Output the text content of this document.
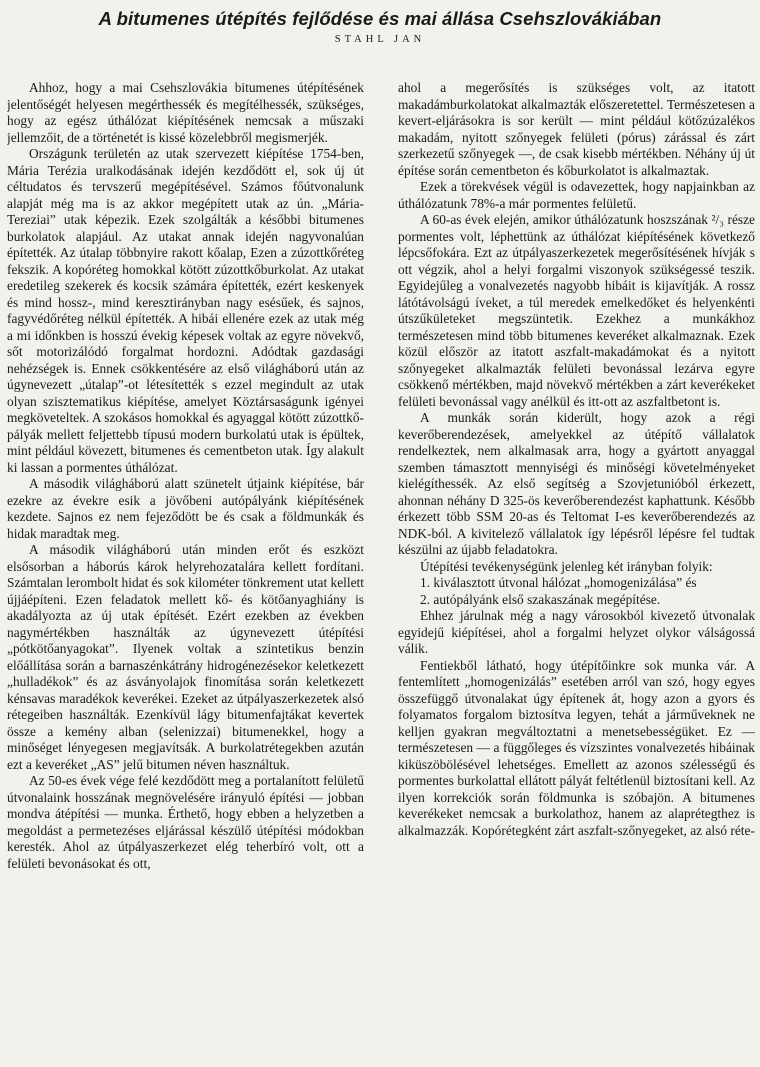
A bitumenes útépítés fejlődése és mai állása Csehszlovákiában
STAHL JAN

Ahhoz, hogy a mai Csehszlovákia bitumenes útépítésének jelentőségét helyesen megérthessék és megítélhessék, szükséges, hogy az egész úthálózat kiépítésének nemcsak a műszaki jellemzőit, de a történetét is kissé közelebbről megismerjék.

Országunk területén az utak szervezett kiépítése 1754-ben, Mária Terézia uralkodásának idején kezdődött el, sok új út céltudatos és tervszerű megépítésével. Számos főútvonalunk alapját még ma is az akkor megépített utak az ún. „Mária-Tereziai” utak képezik. Ezek szolgálták a későbbi bitumenes burkolatok alapjául. Az utakat annak idején nagyvonalúan építették. Az útalap többnyire rakott kőalap, Ezen a zúzottkőréteg fekszik. A kopóréteg homokkal kötött zúzottkőburkolat. Az utakat eredetileg szekerek és kocsik számára építették, ezért keskenyek és mind hossz-, mind keresztirányban nagy esésűek, és sajnos, fagyvédőréteg nélkül építették. A hibái ellenére ezek az utak még a mi időnkben is hosszú évekig képesek voltak az egyre növekvő, sőt motorizálódó forgalmat hordozni. Adódtak gazdasági nehézségek is. Ennek csökkentésére az első világháború után az úgynevezett „útalap”-ot létesítették s ezzel megindult az utak olyan szisztematikus kiépítése, amelyet Köztársaságunk igényei megköveteltek. A szokásos homokkal és agyaggal kötött zúzottkő-pályák mellett feljettebb típusú modern burkolatú utak is épültek, mint például kövezett, bitumenes és cementbeton utak. Így alakult ki lassan a pormentes úthálózat.

A második világháború alatt szünetelt útjaink kiépítése, bár ezekre az évekre esik a jövőbeni autópályánk kiépítésének kezdete. Sajnos ez nem fejeződött be és csak a földmunkák és hidak maradtak meg.

A második világháború után minden erőt és eszközt elsősorban a háborús károk helyrehozatalára kellett fordítani. Számtalan lerombolt hidat és sok kilométer tönkrement utat kellett újjáépíteni. Ezen feladatok mellett kő- és kötőanyaghiány is akadályozta az új utak építését. Ezért ezekben az években nagymértékben használták az úgynevezett útépítési „pótkötőanyagokat”. Ilyenek voltak a szintetikus benzin előállítása során a barnaszénkátrány hidrogénezésekor keletkezett „hulladékok” és az ásványolajok finomítása során keletkezett kénsavas maradékok keverékei. Ezeket az útpályaszerkezetek alsó rétegeiben használták. Ezenkívül lágy bitumenfajtákat kevertek össze a kemény alban (selenizzai) bitumenekkel, hogy a minőséget lényegesen megjavítsák. A burkolatrétegekben azután ezt a keveréket „AS” jelű bitumen néven használtuk.

Az 50-es évek vége felé kezdődött meg a portalanított felületű útvonalaink hosszának megnövelésére irányuló építési — jobban mondva átépítési — munka. Érthető, hogy ebben a helyzetben a megoldást a permetezéses eljárással készülő útépítési módokban keresték. Ahol az útpályaszerkezet elég teherbíró volt, ott a felületi bevonásokat és ott,

ahol a megerősítés is szükséges volt, az itatott makadámburkolatokat alkalmazták előszeretettel. Természetesen a kevert-eljárásokra is sor került — mint például kötőzúzalékos makadám, nyitott szőnyegek felületi (pórus) zárással és zárt szerkezetű szőnyegek —, de csak kisebb mértékben. Néhány új út építése során cementbeton és kőburkolatot is alkalmaztak.

Ezek a törekvések végül is odavezettek, hogy napjainkban az úthálózatunk 78%-a már pormentes felületű.

A 60-as évek elején, amikor úthálózatunk hoszszának ²/₃ része pormentes volt, léphettünk az úthálózat kiépítésének következő lépcsőfokára. Ezt az útpályaszerkezetek megerősítésének hívják s ott végzik, ahol a helyi forgalmi viszonyok szükségessé teszik. Egyidejűleg a vonalvezetés nagyobb hibáit is kijavítják. A rossz látótávolságú íveket, a túl meredek emelkedőket és helyenkénti útszűkületeket megszüntetik. Ezekhez a munkákhoz természetesen mind több bitumenes keveréket alkalmaznak. Ezek közül először az itatott aszfalt-makadámokat és a nyitott szőnyegeket alkalmazták felületi bevonással lezárva egyre csökkenő mértékben, majd növekvő mértékben a zárt keverékeket felületi bevonással vagy anélkül és itt-ott az aszfaltbetont is.

A munkák során kiderült, hogy azok a régi keverőberendezések, amelyekkel az útépítő vállalatok rendelkeztek, nem alkalmasak arra, hogy a gyártott anyaggal szemben támasztott mennyiségi és minőségi követelményeket kielégíthessék. Az első segítség a Szovjetunióból érkezett, ahonnan néhány D 325-ös keverőberendezést kaphattunk. Később érkezett több SSM 20-as és Teltomat I-es keverőberendezés az NDK-ból. A kivitelező vállalatok így lépésről lépésre fel tudtak készülni az újabb feladatokra.

Útépítési tevékenységünk jelenleg két irányban folyik:

1. kiválasztott útvonal hálózat „homogenizálása” és

2. autópályánk első szakaszának megépítése.

Ehhez járulnak még a nagy városokból kivezető útvonalak egyidejű kiépítései, ahol a forgalmi helyzet olykor válságossá válik.

Fentiekből látható, hogy útépítőinkre sok munka vár. A fentemlített „homogenizálás” esetében arról van szó, hogy egyes összefüggő útvonalakat úgy építenek át, hogy azon a gyors és folyamatos forgalom biztosítva legyen, tehát a járműveknek ne kelljen gyakran megváltoztatni a menetsebességüket. Ez — természetesen — a függőleges és vízszintes vonalvezetés hibáinak kiküszöbölésével lehetséges. Emellett az azonos szélességű és pormentes burkolattal ellátott pályát feltétlenül biztosítani kell. Az ilyen korrekciók során földmunka is szóbajön. A bitumenes keverékeket nemcsak a burkolathoz, hanem az alaprétegthez is alkalmazzák. Kopórétegként zárt aszfalt-szőnyegeket, az alsó réte-
